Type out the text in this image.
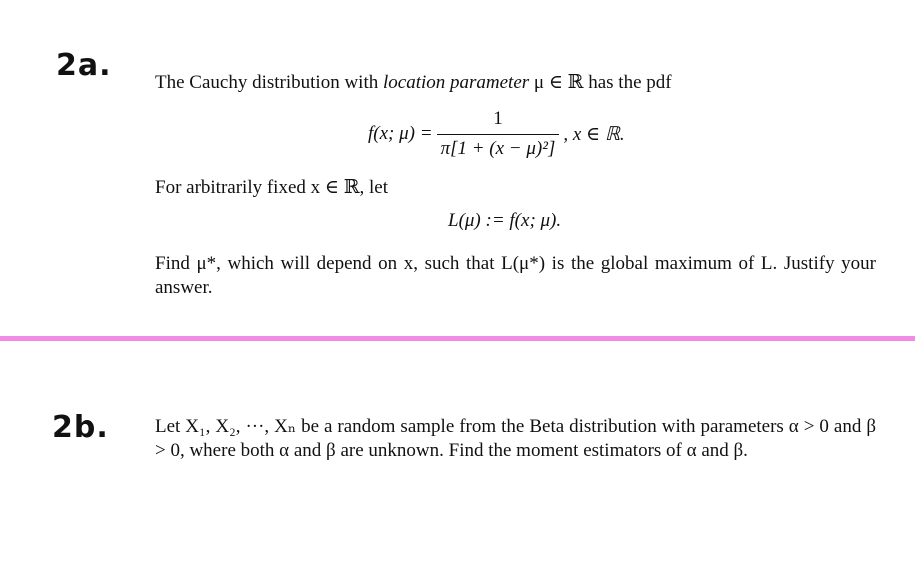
2a. The Cauchy distribution with location parameter μ ∈ ℝ has the pdf
f(x; $\mu) = \frac{1}{\text{π[1 + (x − μ)²]}}$ , x ∈ ℝ.
For arbitrarily fixed x ∈ ℝ, let
L(μ) := f(x; μ).
Find μ*, which will depend on x, such that L(μ*) is the global maximum of L. Justify your answer.
2b. Let X₁, X₂, ···, Xₙ be a random sample from the Beta distribution with parameters α > 0 and β > 0, where both α and β are unknown. Find the moment estimators of α and β.
